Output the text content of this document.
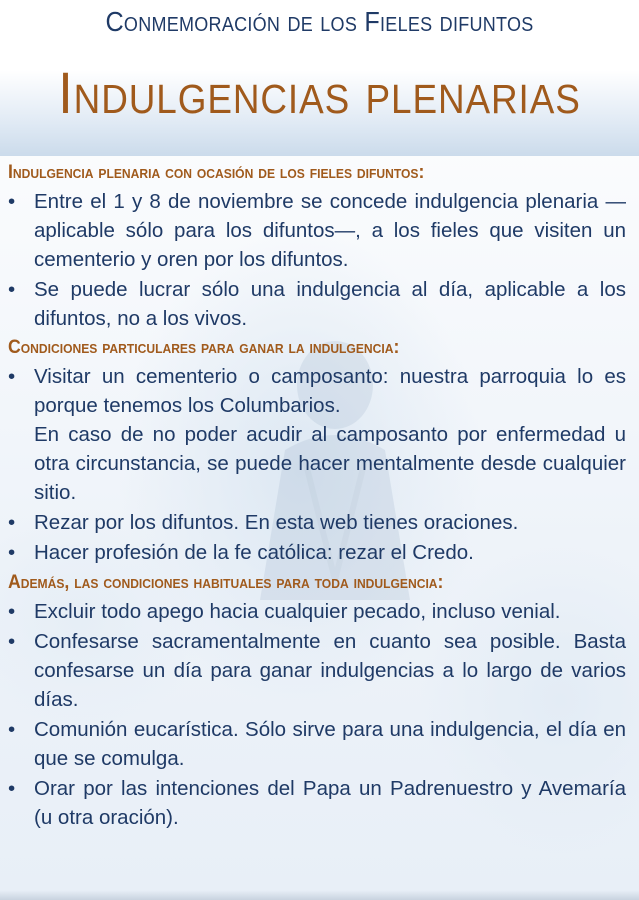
Conmemoración de los Fieles difuntos
Indulgencias plenarias
Indulgencia plenaria con ocasión de los fieles difuntos:
• Entre el 1 y 8 de noviembre se concede indulgencia plenaria —aplicable sólo para los difuntos—, a los fieles que visiten un cementerio y oren por los difuntos.
• Se puede lucrar sólo una indulgencia al día, aplicable a los difuntos, no a los vivos.
Condiciones particulares para ganar la indulgencia:
• Visitar un cementerio o camposanto: nuestra parroquia lo es porque tenemos los Columbarios.

En caso de no poder acudir al camposanto por enfermedad u otra circunstancia, se puede hacer mentalmente desde cualquier sitio.

• Rezar por los difuntos. En esta web tienes oraciones.
• Hacer profesión de la fe católica: rezar el Credo.
Además, las condiciones habituales para toda indulgencia:
• Excluir todo apego hacia cualquier pecado, incluso venial.
• Confesarse sacramentalmente en cuanto sea posible. Basta confesarse un día para ganar indulgencias a lo largo de varios días.
• Comunión eucarística. Sólo sirve para una indulgencia, el día en que se comulga.
• Orar por las intenciones del Papa un Padrenuestro y Avemaría (u otra oración).
